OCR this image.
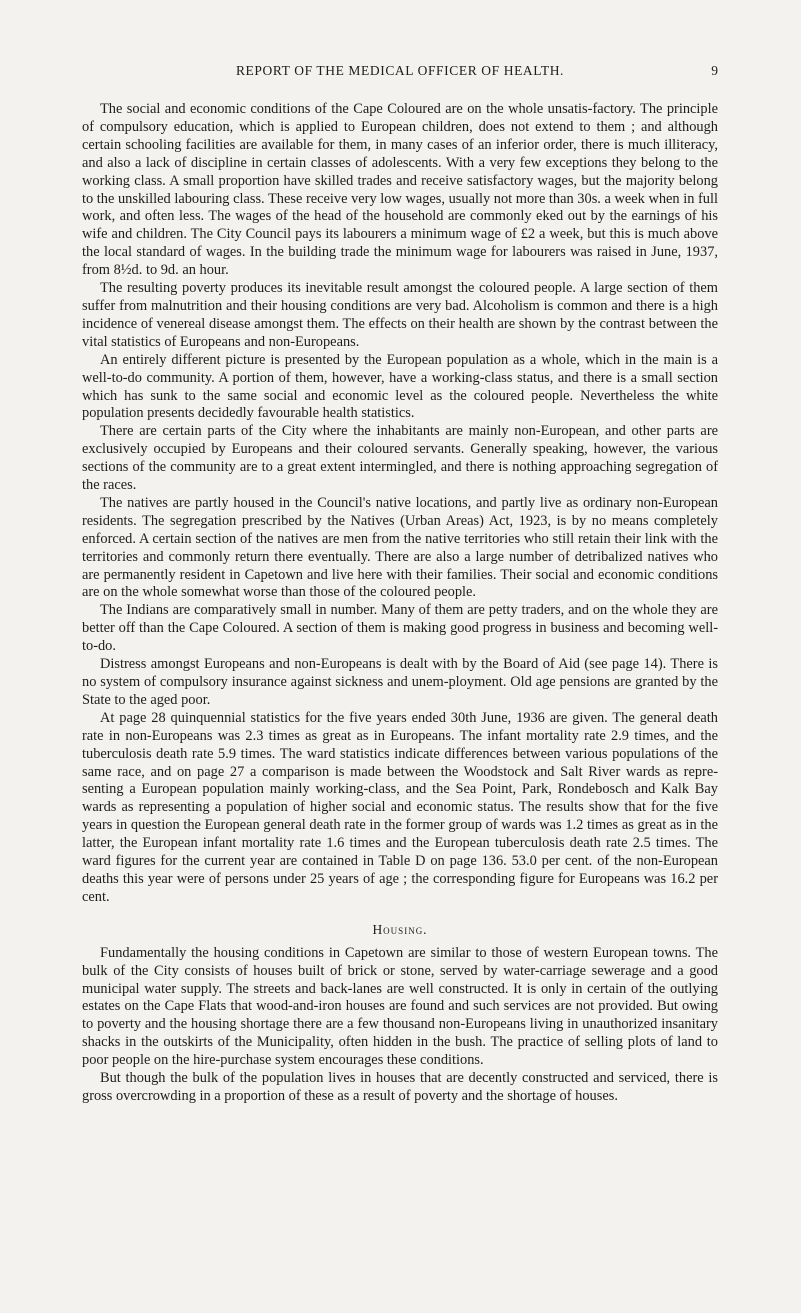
REPORT OF THE MEDICAL OFFICER OF HEALTH.	9

The social and economic conditions of the Cape Coloured are on the whole unsatis-factory. The principle of compulsory education, which is applied to European children, does not extend to them ; and although certain schooling facilities are available for them, in many cases of an inferior order, there is much illiteracy, and also a lack of discipline in certain classes of adolescents. With a very few exceptions they belong to the working class. A small proportion have skilled trades and receive satisfactory wages, but the majority belong to the unskilled labouring class. These receive very low wages, usually not more than 30s. a week when in full work, and often less. The wages of the head of the household are commonly eked out by the earnings of his wife and children. The City Council pays its labourers a minimum wage of £2 a week, but this is much above the local standard of wages. In the building trade the minimum wage for labourers was raised in June, 1937, from 8½d. to 9d. an hour.

The resulting poverty produces its inevitable result amongst the coloured people. A large section of them suffer from malnutrition and their housing conditions are very bad. Alcoholism is common and there is a high incidence of venereal disease amongst them. The effects on their health are shown by the contrast between the vital statistics of Europeans and non-Europeans.

An entirely different picture is presented by the European population as a whole, which in the main is a well-to-do community. A portion of them, however, have a working-class status, and there is a small section which has sunk to the same social and economic level as the coloured people. Nevertheless the white population presents decidedly favourable health statistics.

There are certain parts of the City where the inhabitants are mainly non-European, and other parts are exclusively occupied by Europeans and their coloured servants. Generally speaking, however, the various sections of the community are to a great extent intermingled, and there is nothing approaching segregation of the races.

The natives are partly housed in the Council's native locations, and partly live as ordinary non-European residents. The segregation prescribed by the Natives (Urban Areas) Act, 1923, is by no means completely enforced. A certain section of the natives are men from the native territories who still retain their link with the territories and commonly return there eventually. There are also a large number of detribalized natives who are permanently resident in Capetown and live here with their families. Their social and economic conditions are on the whole somewhat worse than those of the coloured people.

The Indians are comparatively small in number. Many of them are petty traders, and on the whole they are better off than the Cape Coloured. A section of them is making good progress in business and becoming well-to-do.

Distress amongst Europeans and non-Europeans is dealt with by the Board of Aid (see page 14). There is no system of compulsory insurance against sickness and unem-ployment. Old age pensions are granted by the State to the aged poor.

At page 28 quinquennial statistics for the five years ended 30th June, 1936 are given. The general death rate in non-Europeans was 2.3 times as great as in Europeans. The infant mortality rate 2.9 times, and the tuberculosis death rate 5.9 times. The ward statistics indicate differences between various populations of the same race, and on page 27 a comparison is made between the Woodstock and Salt River wards as repre-senting a European population mainly working-class, and the Sea Point, Park, Rondebosch and Kalk Bay wards as representing a population of higher social and economic status. The results show that for the five years in question the European general death rate in the former group of wards was 1.2 times as great as in the latter, the European infant mortality rate 1.6 times and the European tuberculosis death rate 2.5 times. The ward figures for the current year are contained in Table D on page 136. 53.0 per cent. of the non-European deaths this year were of persons under 25 years of age ; the corresponding figure for Europeans was 16.2 per cent.

Housing.

Fundamentally the housing conditions in Capetown are similar to those of western European towns. The bulk of the City consists of houses built of brick or stone, served by water-carriage sewerage and a good municipal water supply. The streets and back-lanes are well constructed. It is only in certain of the outlying estates on the Cape Flats that wood-and-iron houses are found and such services are not provided. But owing to poverty and the housing shortage there are a few thousand non-Europeans living in unauthorized insanitary shacks in the outskirts of the Municipality, often hidden in the bush. The practice of selling plots of land to poor people on the hire-purchase system encourages these conditions.

But though the bulk of the population lives in houses that are decently constructed and serviced, there is gross overcrowding in a proportion of these as a result of poverty and the shortage of houses.
